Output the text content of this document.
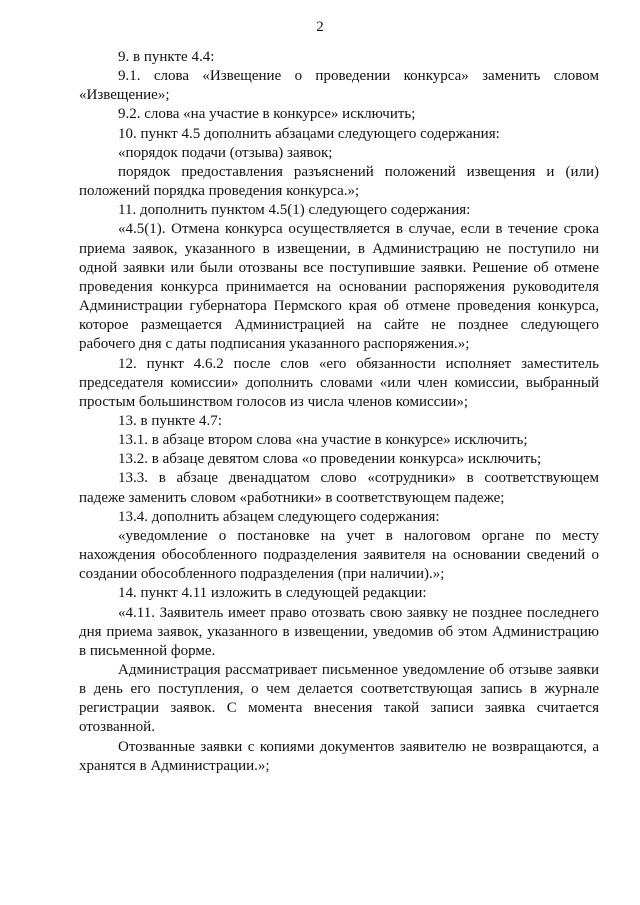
2

9. в пункте 4.4:

9.1. слова «Извещение о проведении конкурса» заменить словом «Извещение»;

9.2. слова «на участие в конкурсе» исключить;

10. пункт 4.5 дополнить абзацами следующего содержания:

«порядок подачи (отзыва) заявок;

порядок предоставления разъяснений положений извещения и (или) положений порядка проведения конкурса.»;

11. дополнить пунктом 4.5(1) следующего содержания:

«4.5(1). Отмена конкурса осуществляется в случае, если в течение срока приема заявок, указанного в извещении, в Администрацию не поступило ни одной заявки или были отозваны все поступившие заявки. Решение об отмене проведения конкурса принимается на основании распоряжения руководителя Администрации губернатора Пермского края об отмене проведения конкурса, которое размещается Администрацией на сайте не позднее следующего рабочего дня с даты подписания указанного распоряжения.»;

12. пункт 4.6.2 после слов «его обязанности исполняет заместитель председателя комиссии» дополнить словами «или член комиссии, выбранный простым большинством голосов из числа членов комиссии»;

13. в пункте 4.7:

13.1. в абзаце втором слова «на участие в конкурсе» исключить;

13.2. в абзаце девятом слова «о проведении конкурса» исключить;

13.3. в абзаце двенадцатом слово «сотрудники» в соответствующем падеже заменить словом «работники» в соответствующем падеже;

13.4. дополнить абзацем следующего содержания:

«уведомление о постановке на учет в налоговом органе по месту нахождения обособленного подразделения заявителя на основании сведений о создании обособленного подразделения (при наличии).»;

14. пункт 4.11 изложить в следующей редакции:

«4.11. Заявитель имеет право отозвать свою заявку не позднее последнего дня приема заявок, указанного в извещении, уведомив об этом Администрацию в письменной форме.

Администрация рассматривает письменное уведомление об отзыве заявки в день его поступления, о чем делается соответствующая запись в журнале регистрации заявок. С момента внесения такой записи заявка считается отозванной.

Отозванные заявки с копиями документов заявителю не возвращаются, а хранятся в Администрации.»;
